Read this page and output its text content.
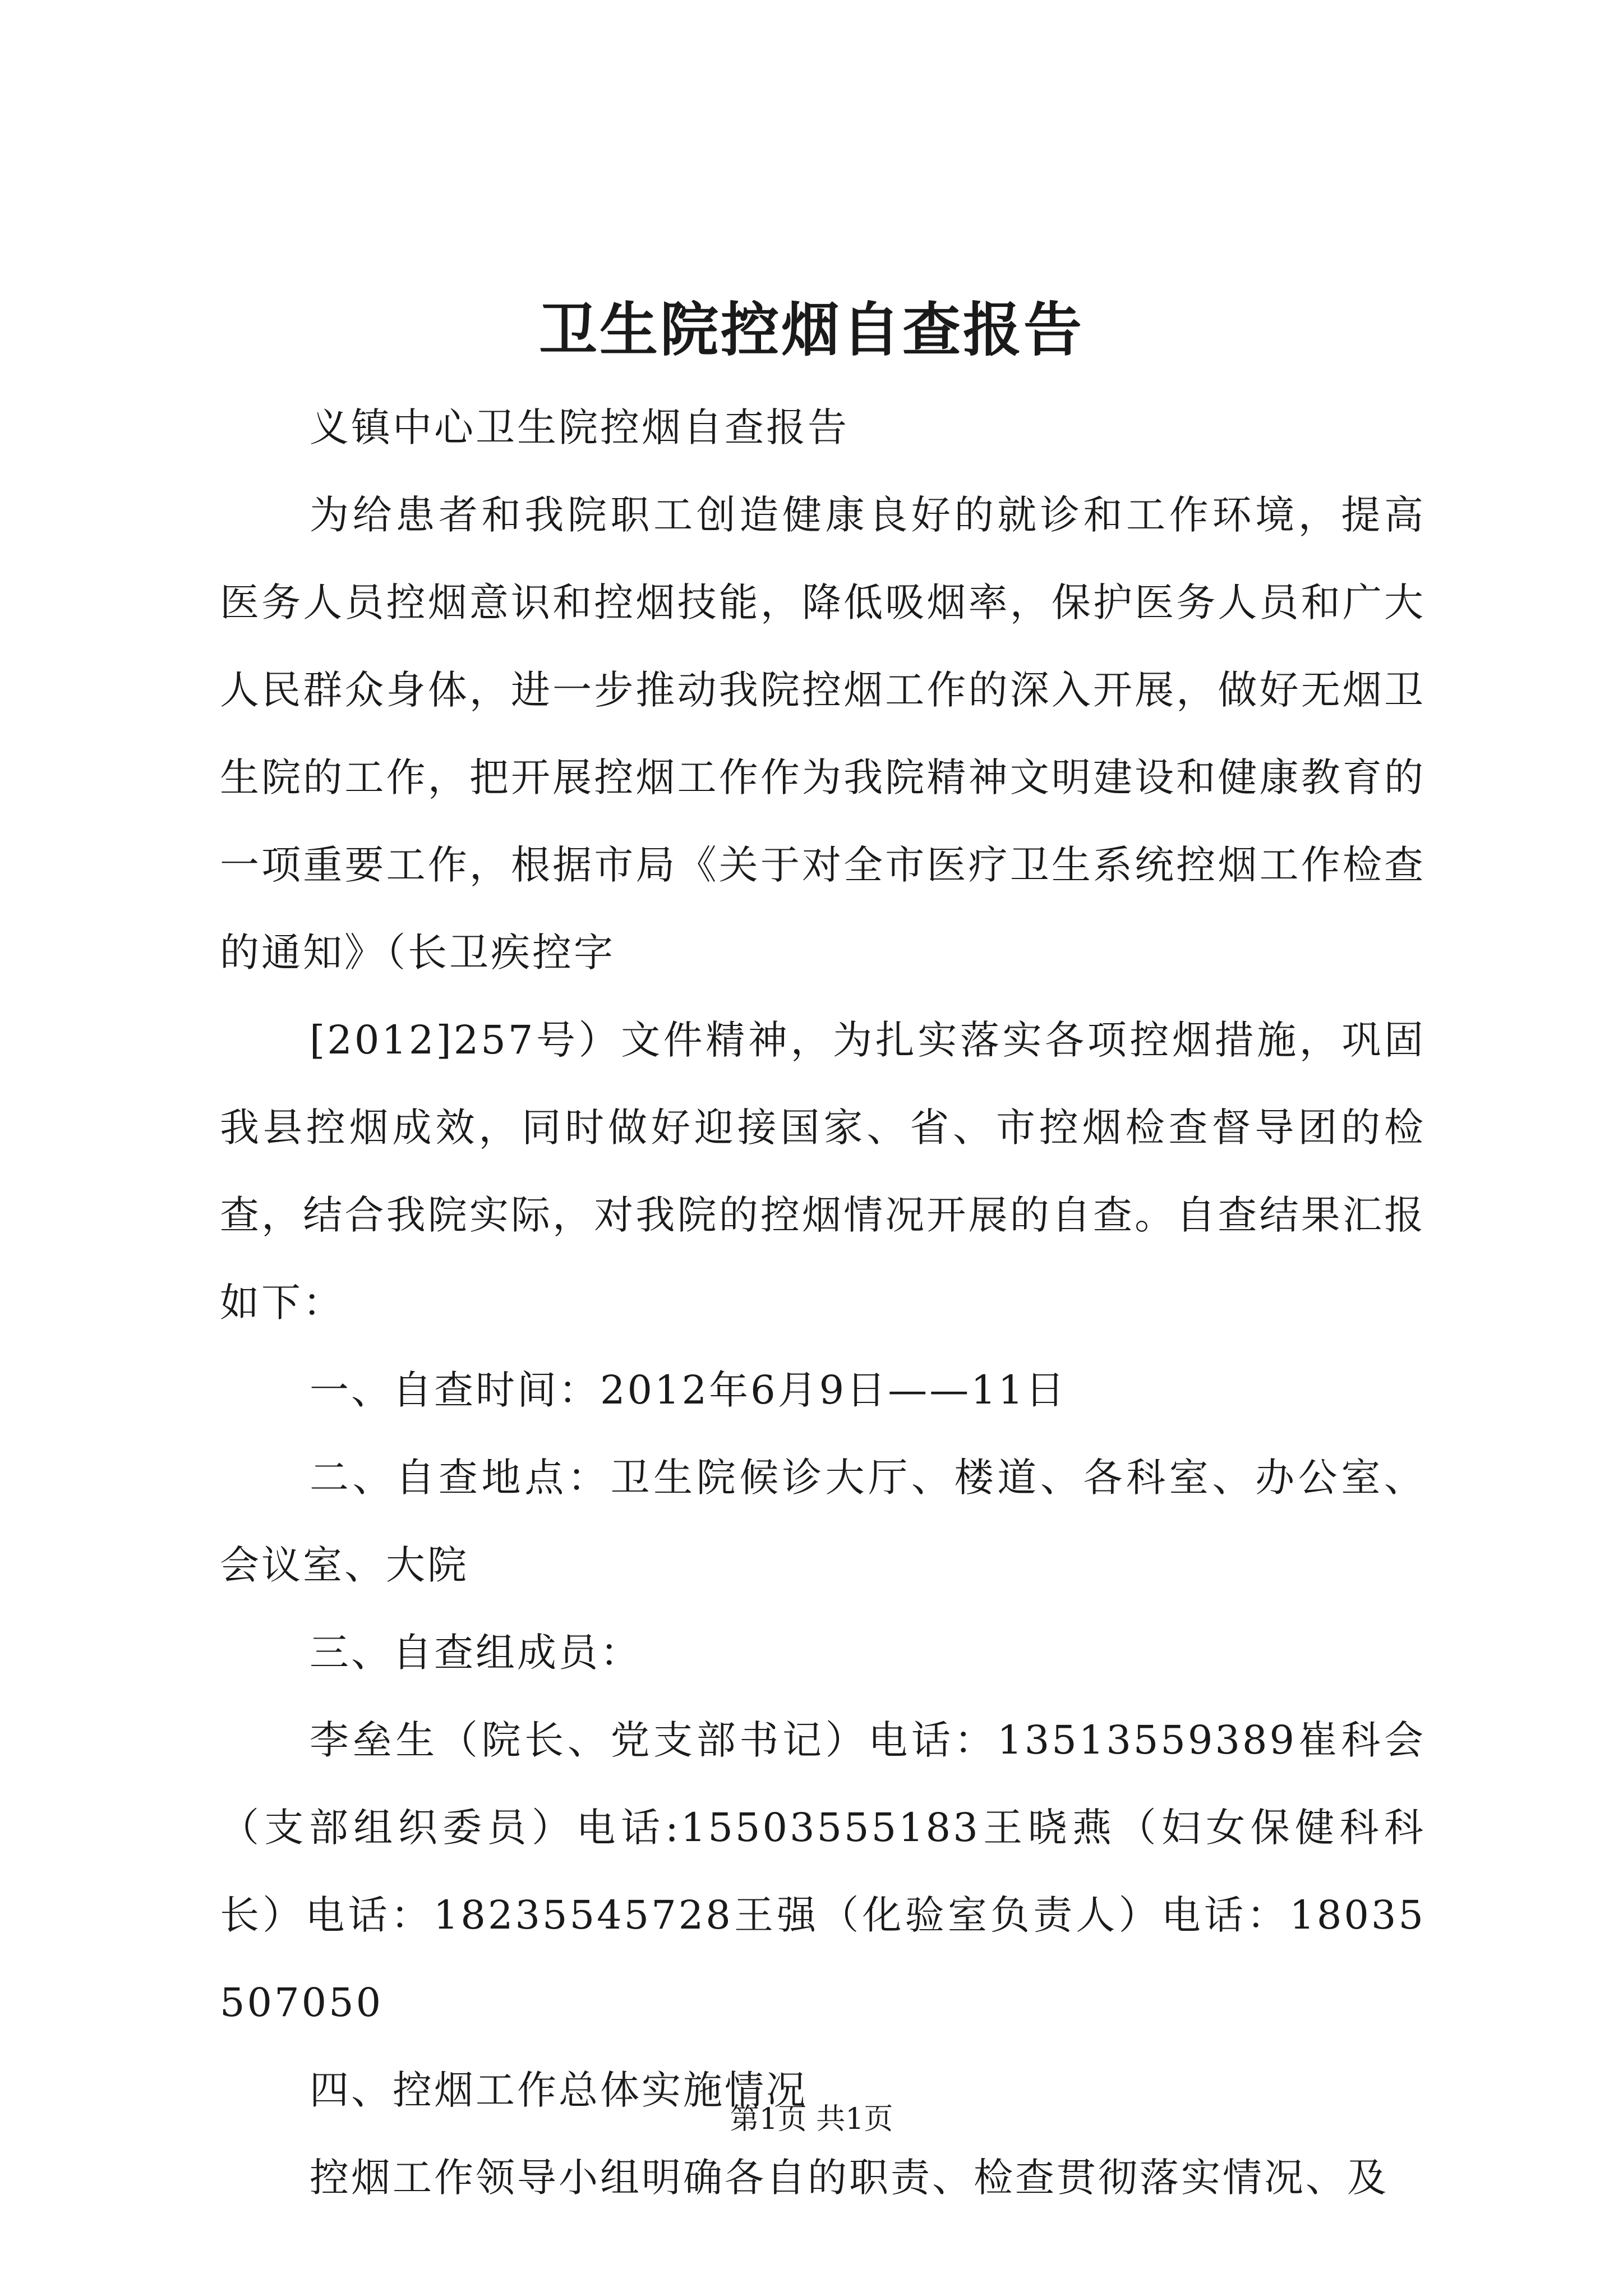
卫生院控烟自查报告

义镇中心卫生院控烟自查报告

为给患者和我院职工创造健康良好的就诊和工作环境，提高医务人员控烟意识和控烟技能，降低吸烟率，保护医务人员和广大人民群众身体，进一步推动我院控烟工作的深入开展，做好无烟卫生院的工作，把开展控烟工作作为我院精神文明建设和健康教育的一项重要工作，根据市局《关于对全市医疗卫生系统控烟工作检查的通知》（长卫疾控字

[2012]257号）文件精神，为扎实落实各项控烟措施，巩固我县控烟成效，同时做好迎接国家、省、市控烟检查督导团的检查，结合我院实际，对我院的控烟情况开展的自查。自查结果汇报如下：

一、自查时间：2012年6月9日——11日

二、自查地点：卫生院候诊大厅、楼道、各科室、办公室、会议室、大院

三、自查组成员：

李垒生（院长、党支部书记）电话：13513559389崔科会（支部组织委员）电话:15503555183王晓燕（妇女保健科科长）电话：18235545728王强（化验室负责人）电话：18035507050

四、控烟工作总体实施情况

控烟工作领导小组明确各自的职责、检查贯彻落实情况、及

第1页 共1页
